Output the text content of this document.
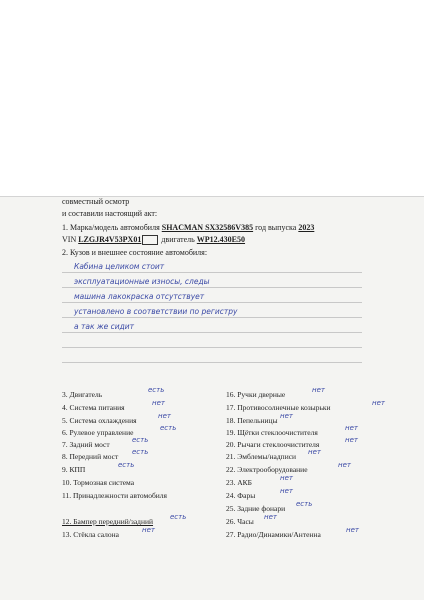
совместный осмотр
и составили настоящий акт:
1. Марка/модель автомобиля SHACMAN SX32586V385 год выпуска 2023
VIN LZGJR4V53PX01	двигатель WP12.430E50
2. Кузов и внешнее состояние автомобиля:
Кабина целиком стоит
эксплуатационные износы, следы
машина лакокраска отсутствует
установлено в соответствии по регистру
а так же сидит
3. Двигатель	есть
4. Система питания	нет
5. Система охлаждения	нет
6. Рулевое управление	есть
7. Задний мост	есть
8. Передний мост есть
9. КПП	есть
10. Тормозная система
11. Принадлежности автомобиля
12. Бампер передний/задний есть
13. Стёкла салона	нет
16. Ручки дверные	нет
17. Противосолнечные козырьки	нет
18. Пепельницы нет
19. Щётки стеклоочистителя	нет
20. Рычаги стеклоочистителя	нет
21. Эмблемы/надписи нет
22. Электрооборудование	нет
23. АКБ	нет
24. Фары	нет
25. Задние фонари есть
26. Часы нет
27. Радио/Динамики/Антенна	нет
